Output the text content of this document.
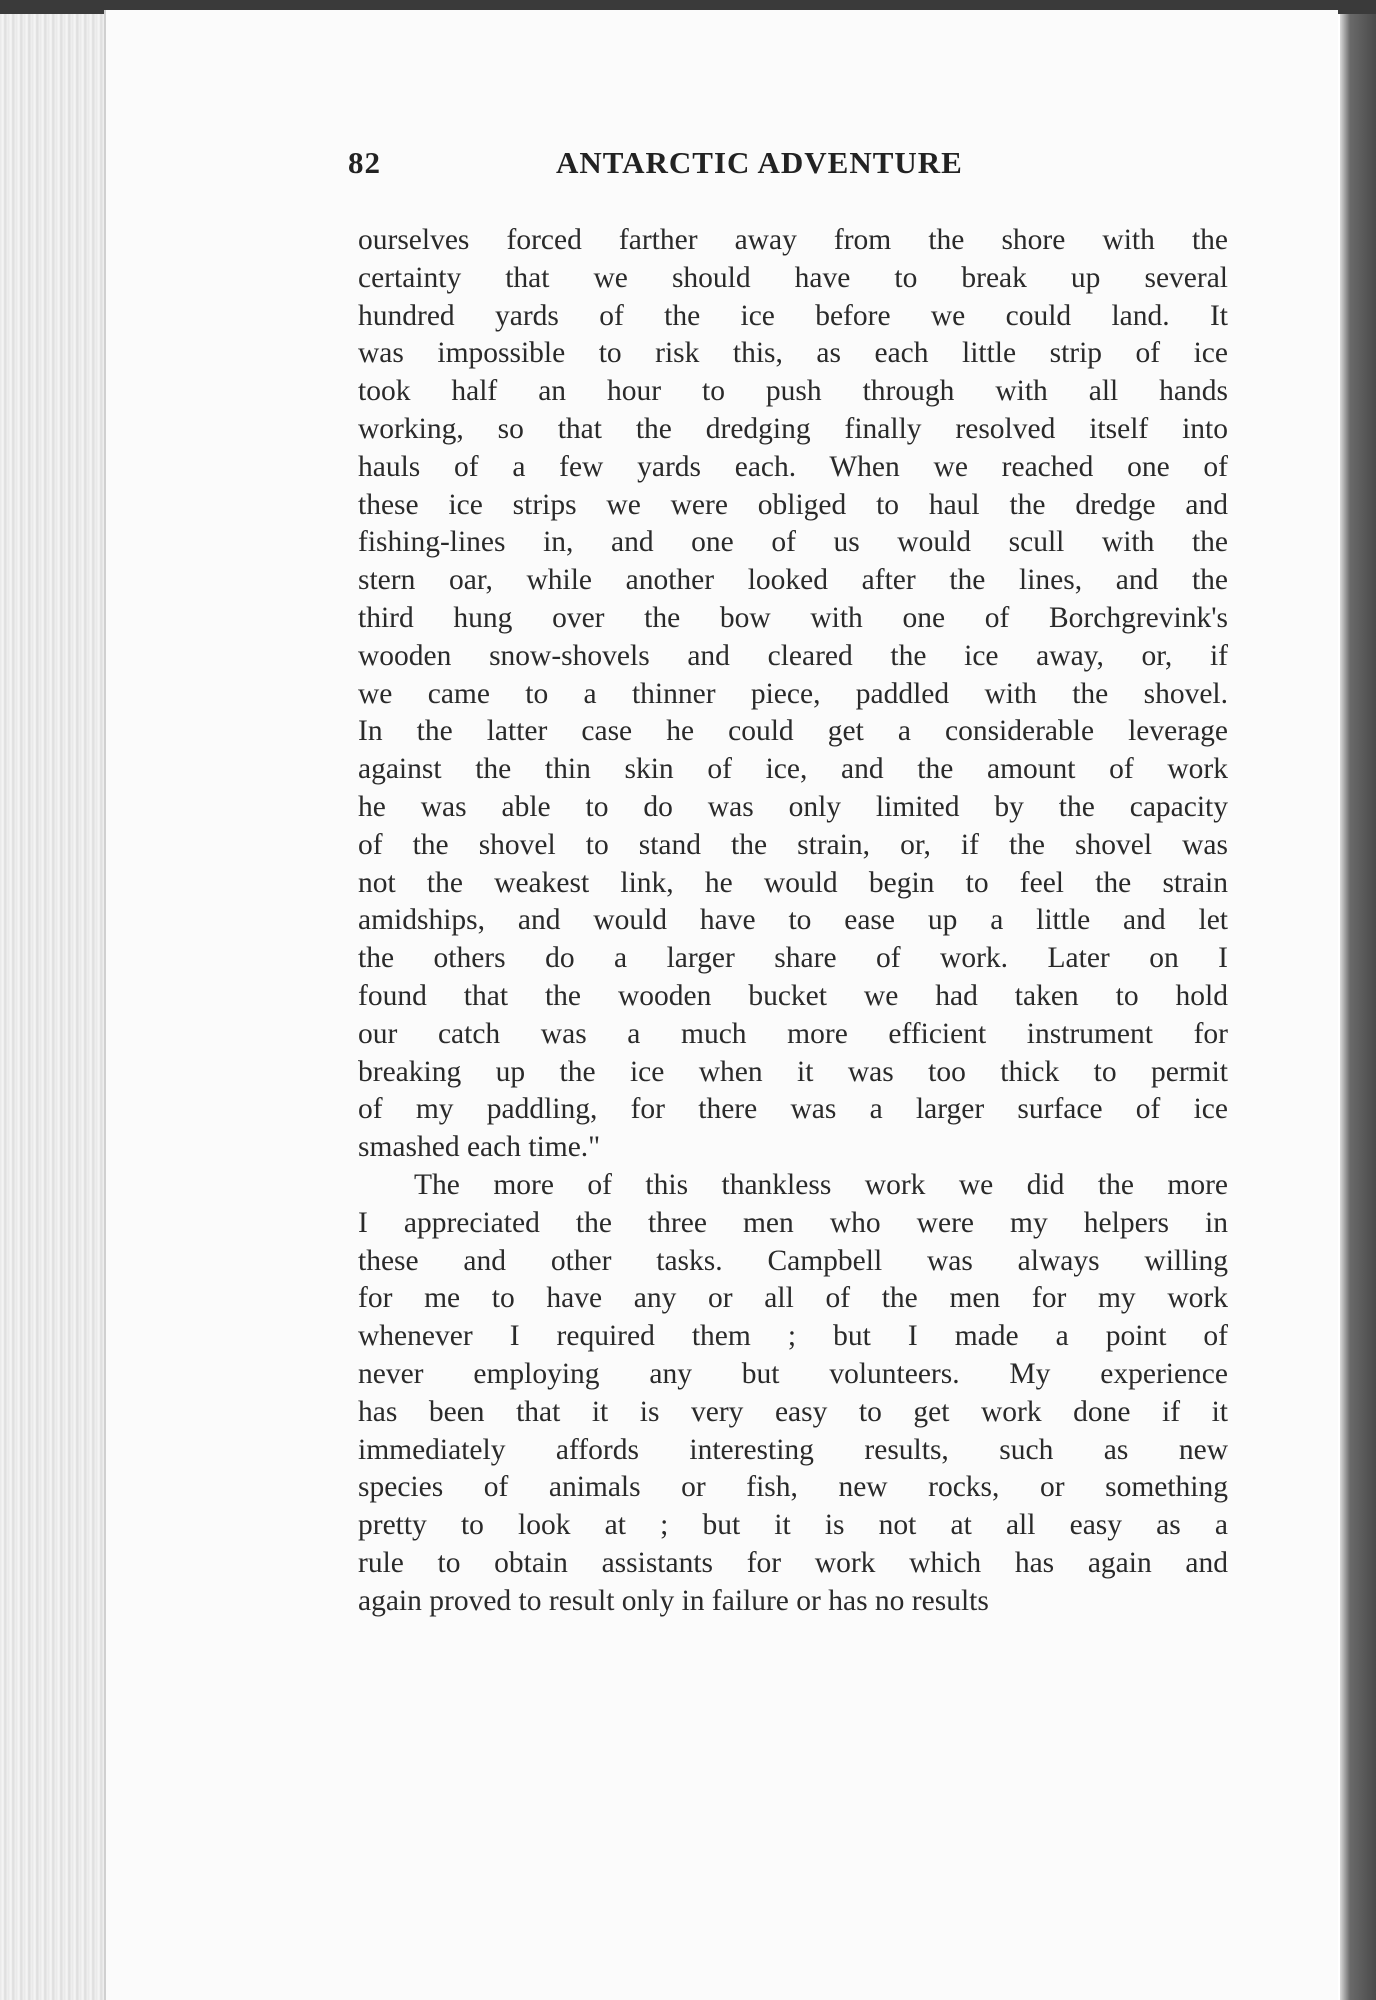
82	ANTARCTIC ADVENTURE
ourselves forced farther away from the shore with the
certainty that we should have to break up several
hundred yards of the ice before we could land. It
was impossible to risk this, as each little strip of ice
took half an hour to push through with all hands
working, so that the dredging finally resolved itself into
hauls of a few yards each. When we reached one of
these ice strips we were obliged to haul the dredge and
fishing-lines in, and one of us would scull with the
stern oar, while another looked after the lines, and the
third hung over the bow with one of Borchgrevink's
wooden snow-shovels and cleared the ice away, or, if
we came to a thinner piece, paddled with the shovel.
In the latter case he could get a considerable leverage
against the thin skin of ice, and the amount of work
he was able to do was only limited by the capacity
of the shovel to stand the strain, or, if the shovel was
not the weakest link, he would begin to feel the strain
amidships, and would have to ease up a little and let
the others do a larger share of work. Later on I
found that the wooden bucket we had taken to hold
our catch was a much more efficient instrument for
breaking up the ice when it was too thick to permit
of my paddling, for there was a larger surface of ice
smashed each time."
The more of this thankless work we did the more
I appreciated the three men who were my helpers in
these and other tasks. Campbell was always willing
for me to have any or all of the men for my work
whenever I required them ; but I made a point of
never employing any but volunteers. My experience
has been that it is very easy to get work done if it
immediately affords interesting results, such as new
species of animals or fish, new rocks, or something
pretty to look at ; but it is not at all easy as a
rule to obtain assistants for work which has again and
again proved to result only in failure or has no results
